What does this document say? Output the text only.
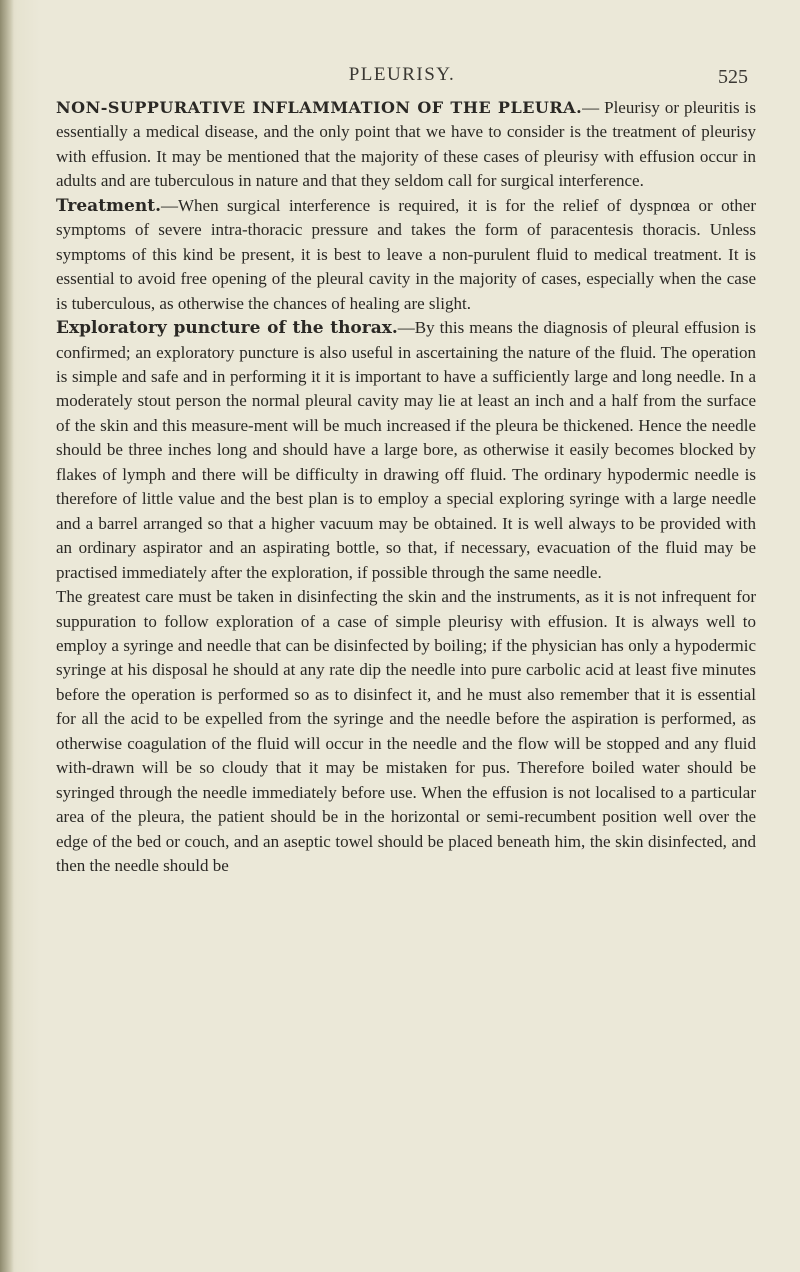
PLEURISY.	525

NON-SUPPURATIVE INFLAMMATION OF THE PLEURA.— Pleurisy or pleuritis is essentially a medical disease, and the only point that we have to consider is the treatment of pleurisy with effusion. It may be mentioned that the majority of these cases of pleurisy with effusion occur in adults and are tuberculous in nature and that they seldom call for surgical interference.

Treatment.—When surgical interference is required, it is for the relief of dyspnœa or other symptoms of severe intra-thoracic pressure and takes the form of paracentesis thoracis. Unless symptoms of this kind be present, it is best to leave a non-purulent fluid to medical treatment. It is essential to avoid free opening of the pleural cavity in the majority of cases, especially when the case is tuberculous, as otherwise the chances of healing are slight.

Exploratory puncture of the thorax.—By this means the diagnosis of pleural effusion is confirmed; an exploratory puncture is also useful in ascertaining the nature of the fluid. The operation is simple and safe and in performing it it is important to have a sufficiently large and long needle. In a moderately stout person the normal pleural cavity may lie at least an inch and a half from the surface of the skin and this measure-ment will be much increased if the pleura be thickened. Hence the needle should be three inches long and should have a large bore, as otherwise it easily becomes blocked by flakes of lymph and there will be difficulty in drawing off fluid. The ordinary hypodermic needle is therefore of little value and the best plan is to employ a special exploring syringe with a large needle and a barrel arranged so that a higher vacuum may be obtained. It is well always to be provided with an ordinary aspirator and an aspirating bottle, so that, if necessary, evacuation of the fluid may be practised immediately after the exploration, if possible through the same needle.

The greatest care must be taken in disinfecting the skin and the instruments, as it is not infrequent for suppuration to follow exploration of a case of simple pleurisy with effusion. It is always well to employ a syringe and needle that can be disinfected by boiling; if the physician has only a hypodermic syringe at his disposal he should at any rate dip the needle into pure carbolic acid at least five minutes before the operation is performed so as to disinfect it, and he must also remember that it is essential for all the acid to be expelled from the syringe and the needle before the aspiration is performed, as otherwise coagulation of the fluid will occur in the needle and the flow will be stopped and any fluid with-drawn will be so cloudy that it may be mistaken for pus. Therefore boiled water should be syringed through the needle immediately before use. When the effusion is not localised to a particular area of the pleura, the patient should be in the horizontal or semi-recumbent position well over the edge of the bed or couch, and an aseptic towel should be placed beneath him, the skin disinfected, and then the needle should be
